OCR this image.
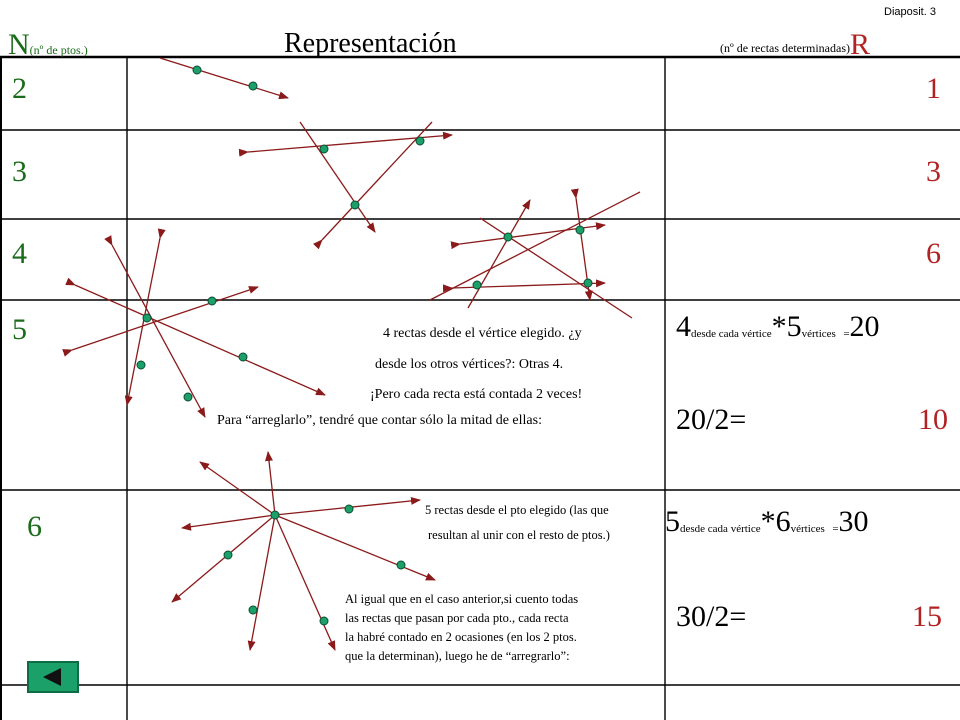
Diaposit. 3
N(nº de ptos.)	Representación	(nº de rectas determinadas)R
2	1
3	3
4	6
5	4 rectas desde el vértice elegido. ¿y
desde los otros vértices?: Otras 4.
¡Pero cada recta está contada 2 veces!
Para “arreglarlo”, tendré que contar sólo la mitad de ellas:
$4_{desde cada vértice}*5_{vértices}$ $_=$20
20/2=	10
6	5 rectas desde el pto elegido (las que
resultan al unir con el resto de ptos.) $5_{desde cada vértice}*6_{vértices}$ $_=$30
Al igual que en el caso anterior,si cuento todas
las rectas que pasan por cada pto., cada recta
la habré contado en 2 ocasiones (en los 2 ptos.
que la determinan), luego he de “arregrarlo”:
30/2=	15
